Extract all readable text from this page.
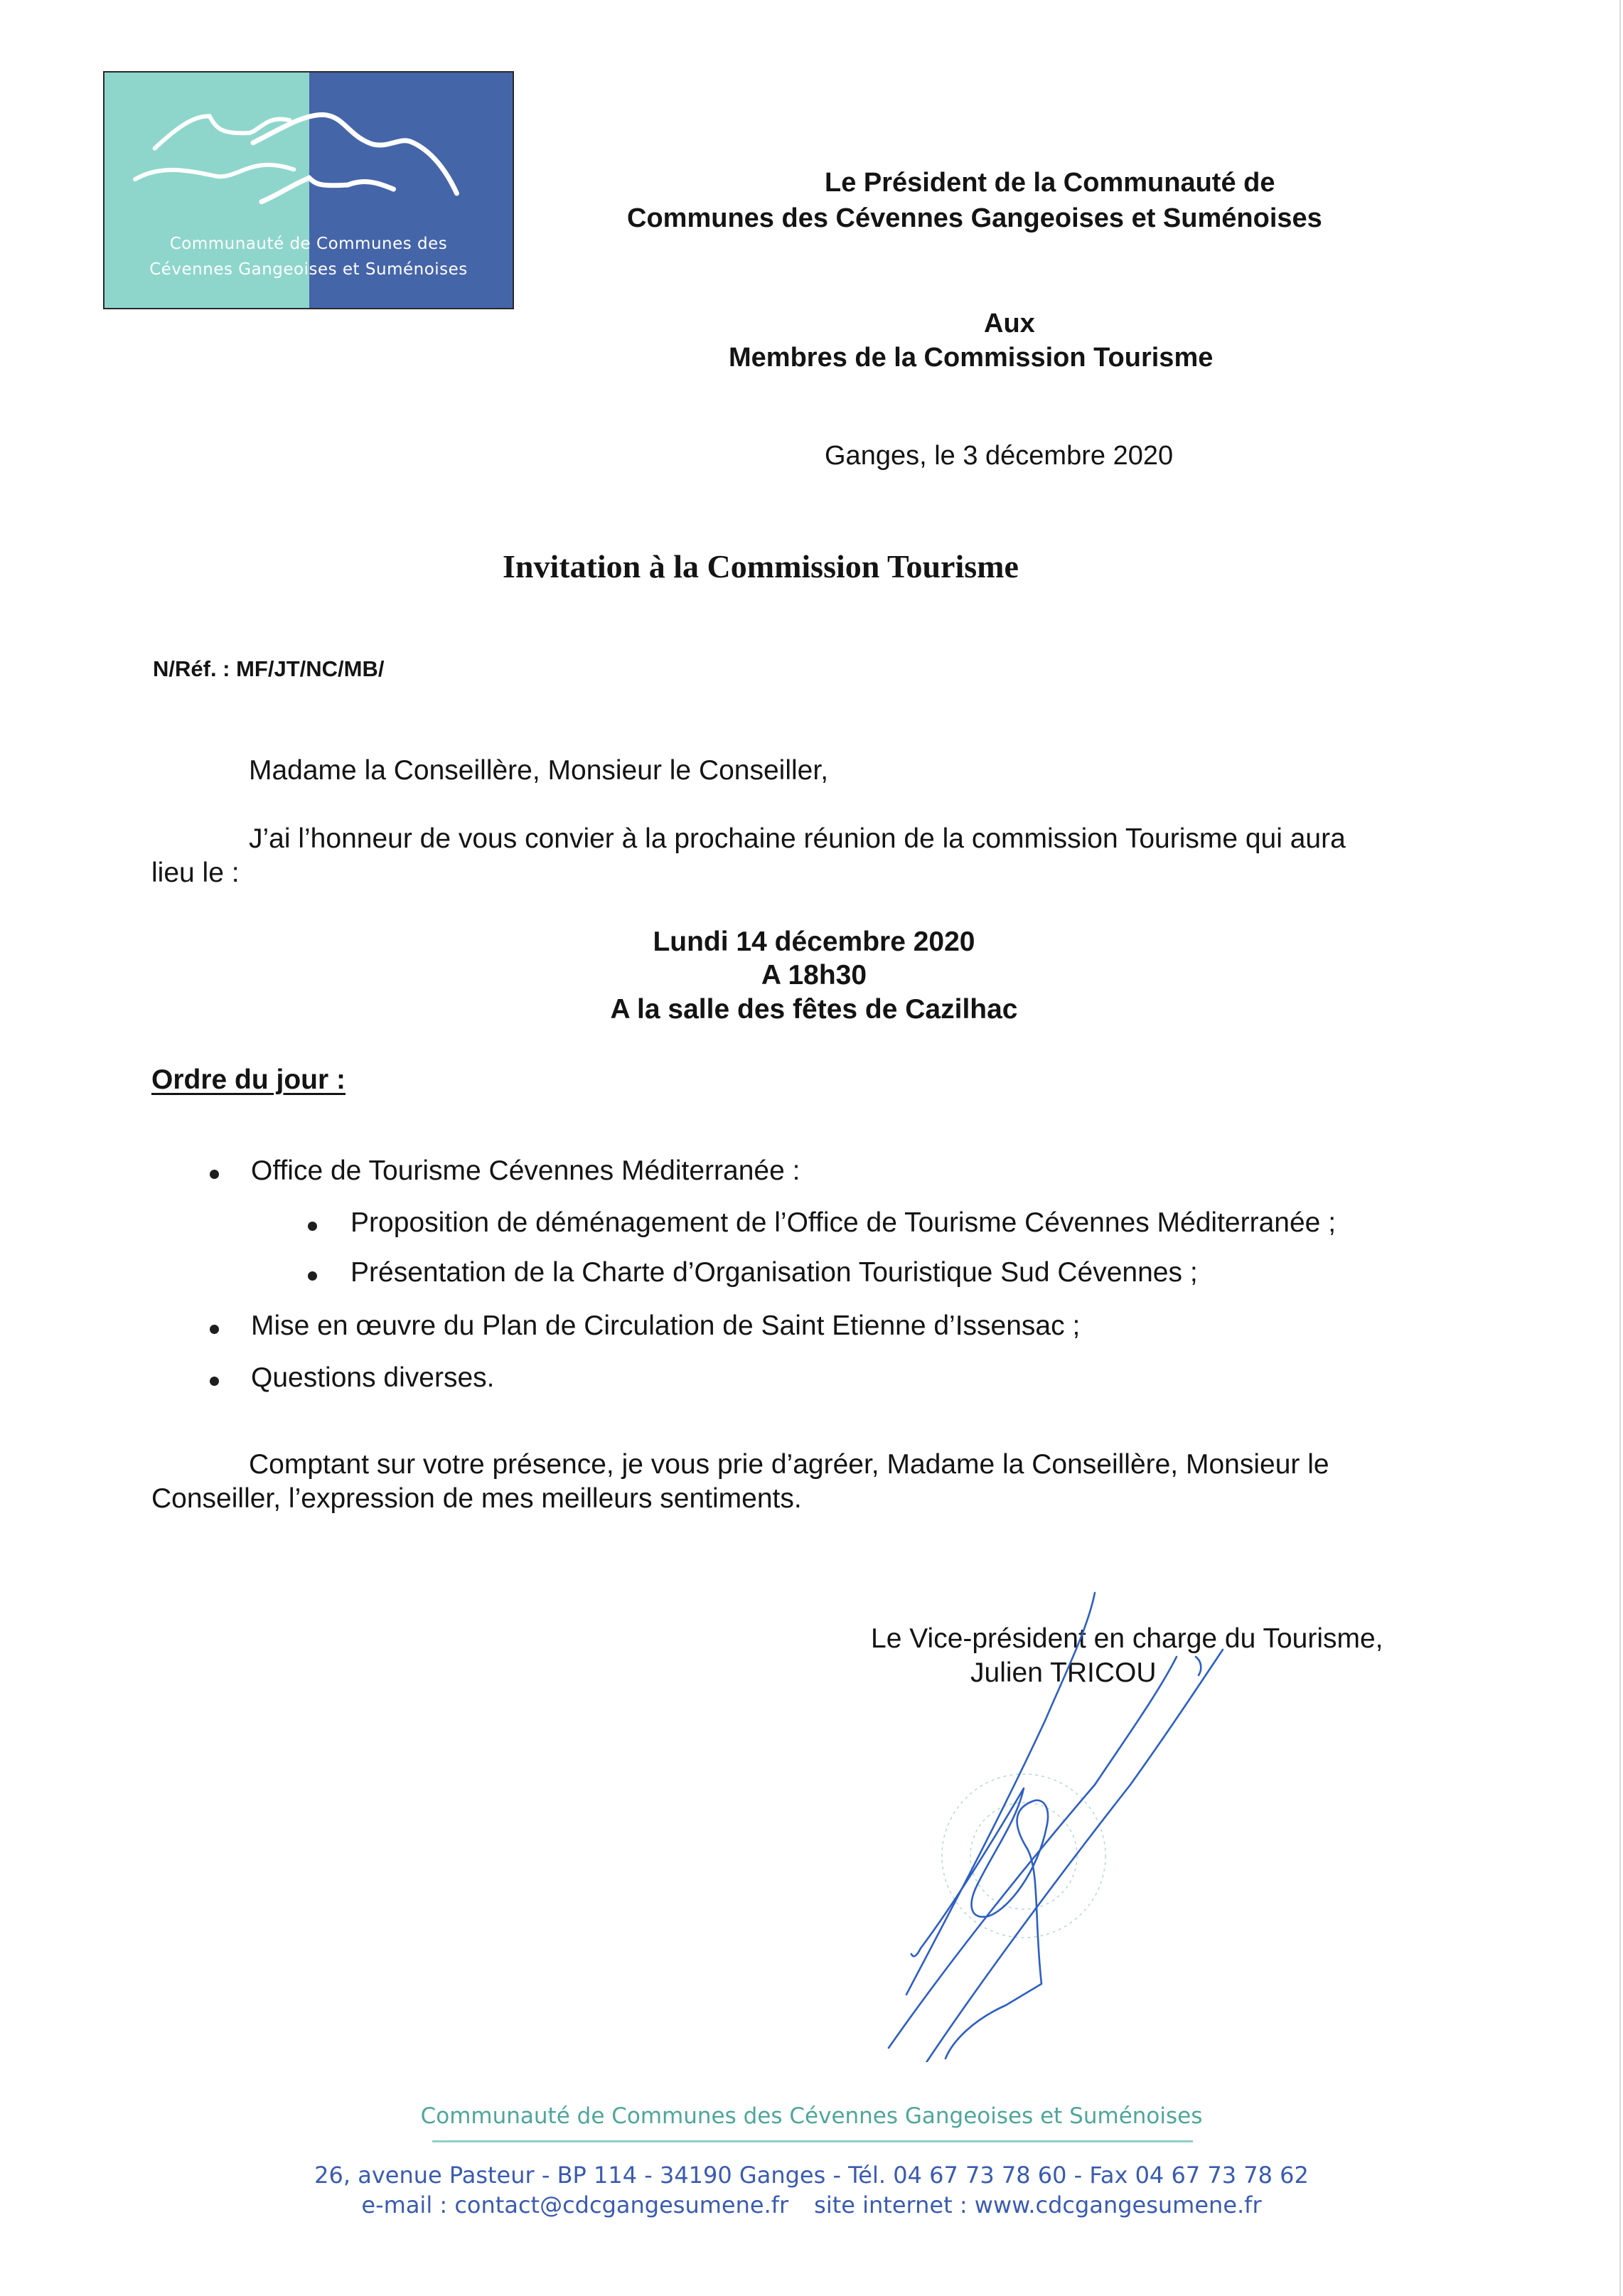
Communauté de Communes des
Cévennes Gangeoises et Suménoises
Le Président de la Communauté de
Communes des Cévennes Gangeoises et Suménoises
Aux
Membres de la Commission Tourisme
Ganges, le 3 décembre 2020
Invitation à la Commission Tourisme
N/Réf. : MF/JT/NC/MB/
Madame la Conseillère, Monsieur le Conseiller,
J’ai l’honneur de vous convier à la prochaine réunion de la commission Tourisme qui aura
lieu le :
Lundi 14 décembre 2020
A 18h30
A la salle des fêtes de Cazilhac
Ordre du jour :
Office de Tourisme Cévennes Méditerranée :
Proposition de déménagement de l’Office de Tourisme Cévennes Méditerranée ;
Présentation de la Charte d’Organisation Touristique Sud Cévennes ;
Mise en œuvre du Plan de Circulation de Saint Etienne d’Issensac ;
Questions diverses.
Comptant sur votre présence, je vous prie d’agréer, Madame la Conseillère, Monsieur le
Conseiller, l’expression de mes meilleurs sentiments.
Le Vice-président en charge du Tourisme,
Julien TRICOU
Communauté de Communes des Cévennes Gangeoises et Suménoises
26, avenue Pasteur - BP 114 - 34190 Ganges - Tél. 04 67 73 78 60 - Fax 04 67 73 78 62
e-mail : contact@cdcgangesumene.fr site internet : www.cdcgangesumene.fr
